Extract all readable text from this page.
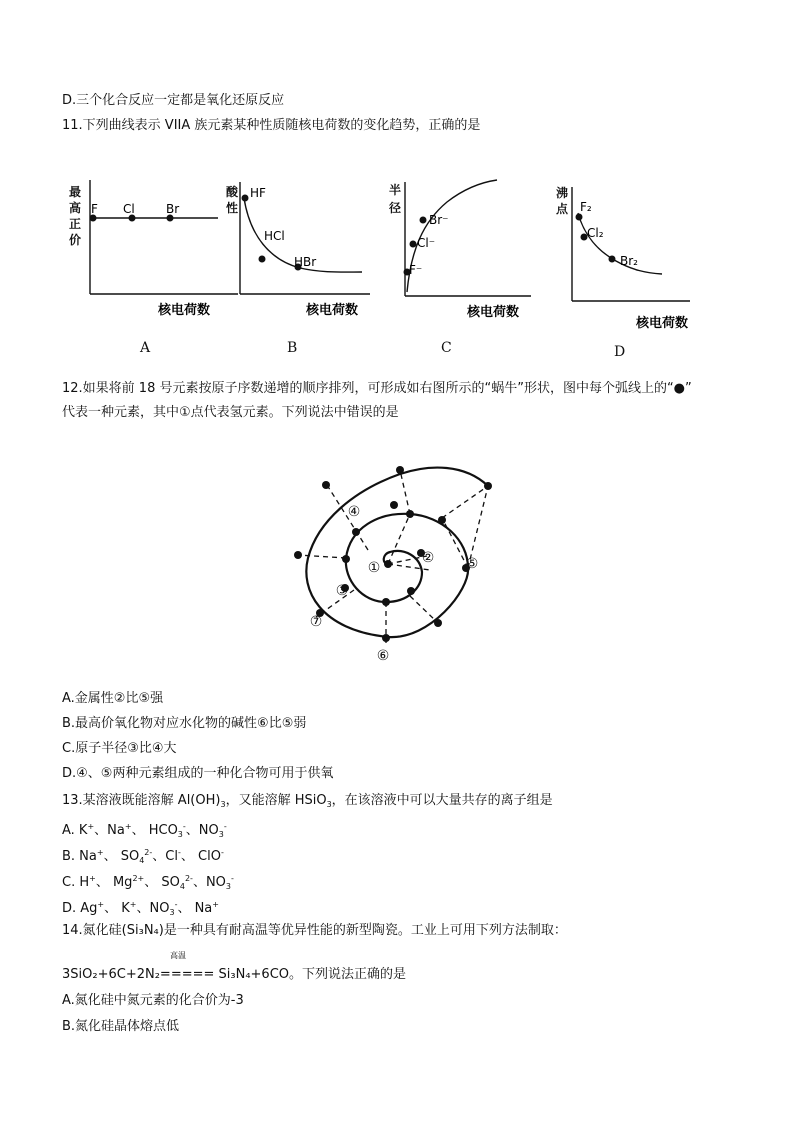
D.三个化合反应一定都是氧化还原反应
11.下列曲线表示 VIIA 族元素某种性质随核电荷数的变化趋势，正确的是
最
高
正
价
F Cl	Br
核电荷数
A
酸
性
HF
HCl
HBr
核电荷数
B
半
径
F⁻
Cl⁻
Br⁻
核电荷数
C
沸
点 F₂
Cl₂
Br₂
核电荷数
D
12.如果将前 18 号元素按原子序数递增的顺序排列，可形成如右图所示的“蜗牛”形状，图中每个弧线上的“●”
代表一种元素，其中①点代表氢元素。下列说法中错误的是
①
②
③
④
⑤
⑥
⑦
A.金属性②比⑤强
B.最高价氧化物对应水化物的碱性⑥比⑤弱
C.原子半径③比④大
D.④、⑤两种元素组成的一种化合物可用于供氧
13.某溶液既能溶解 $Al(OH)_3$，又能溶解 HSiO$_3$，在该溶液中可以大量共存的离子组是
A. K+、Na+、 $HCO_3^-$、$NO_3^-$
B. Na+、 $SO_4^{2-}$、Cl-、 ClO-
C. H+、 $Mg^{2+}$、 $SO_4^{2-}$、$NO_3^-$
D. Ag+、 K+、$NO_3^-$、 Na+
14.氮化硅(Si₃N₄)是一种具有耐高温等优异性能的新型陶瓷。工业上可用下列方法制取：
高温
3SiO₂+6C+2N₂===== Si₃N₄+6CO。下列说法正确的是
A.氮化硅中氮元素的化合价为-3
B.氮化硅晶体熔点低
